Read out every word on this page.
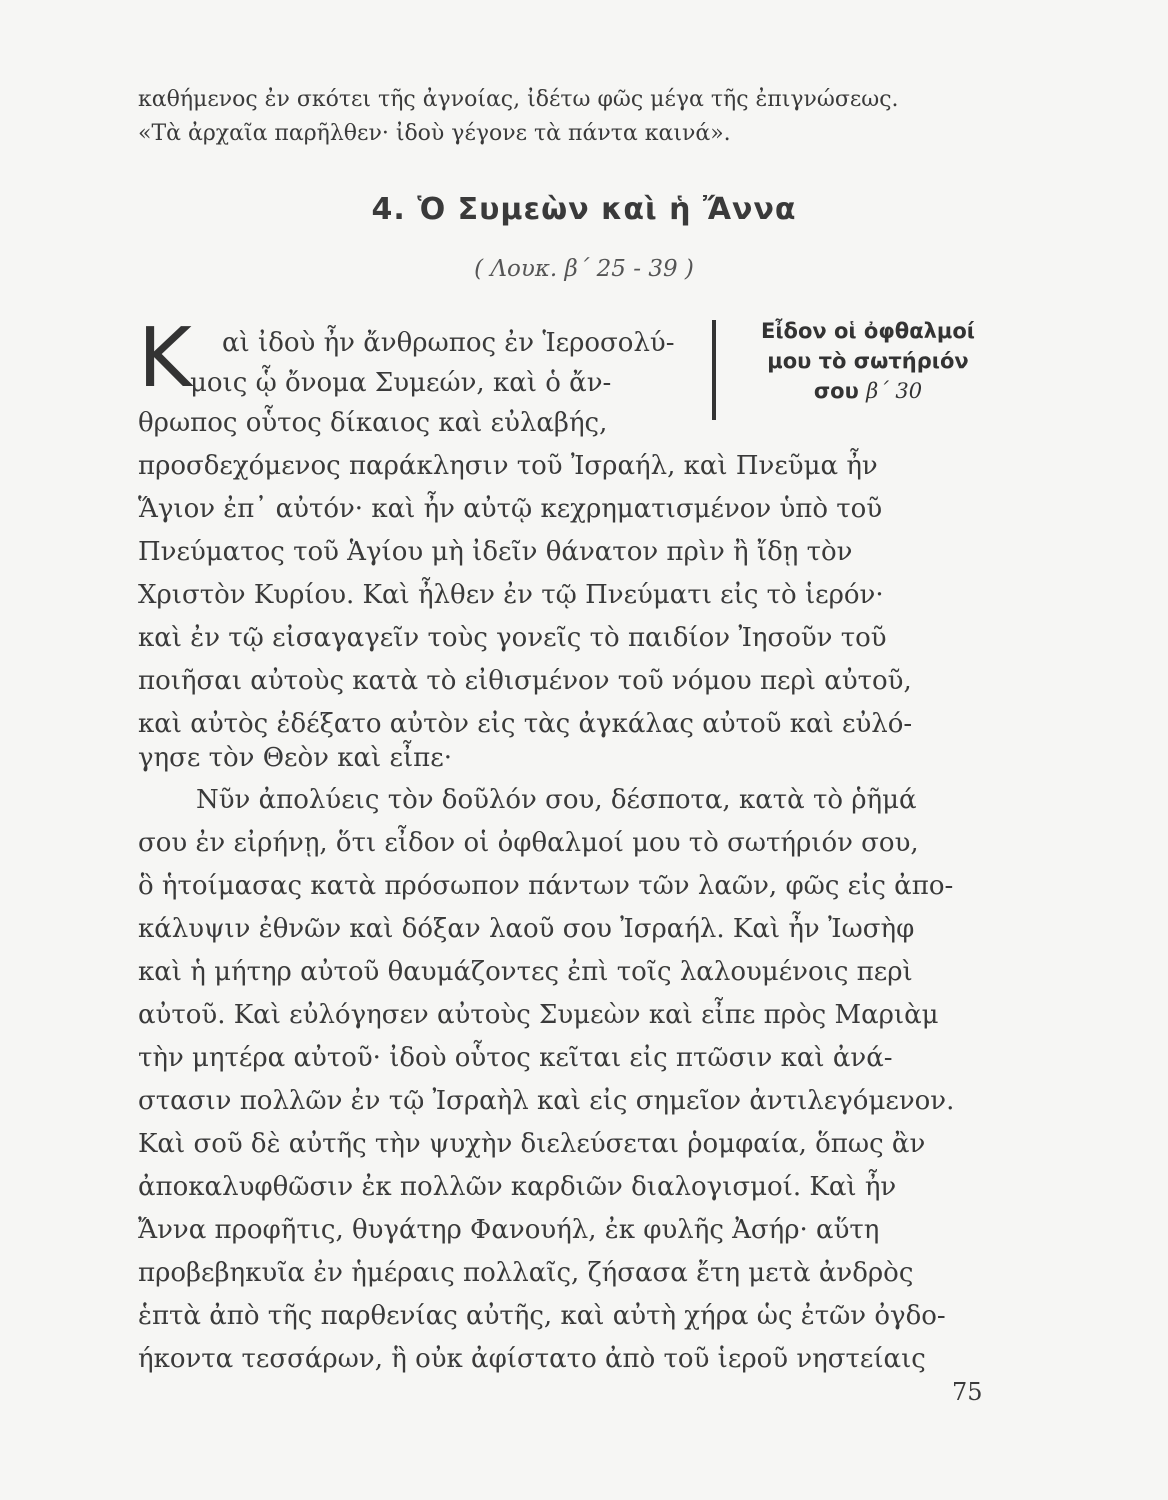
καθήμενος ἐν σκότει τῆς ἀγνοίας, ἰδέτω φῶς μέγα τῆς ἐπιγνώσεως.
«Τὰ ἀρχαῖα παρῆλθεν· ἰδοὺ γέγονε τὰ πάντα καινά».
4. Ὁ Συμεὼν καὶ ἡ Ἄννα
( Λουκ. β΄ 25 - 39 )
Κ	Εἶδον οἱ ὀφθαλμοί
μου τὸ σωτήριόν
σου β΄ 30
αὶ ἰδοὺ ἦν ἄνθρωπος ἐν Ἱεροσολύ-
μοις ᾧ ὄνομα Συμεών, καὶ ὁ ἄν-
θρωπος οὗτος δίκαιος καὶ εὐλαβής,
προσδεχόμενος παράκλησιν τοῦ Ἰσραήλ, καὶ Πνεῦμα ἦν
Ἅγιον ἐπ᾽ αὐτόν· καὶ ἦν αὐτῷ κεχρηματισμένον ὑπὸ τοῦ
Πνεύματος τοῦ Ἁγίου μὴ ἰδεῖν θάνατον πρὶν ἢ ἴδῃ τὸν
Χριστὸν Κυρίου. Καὶ ἦλθεν ἐν τῷ Πνεύματι εἰς τὸ ἱερόν·
καὶ ἐν τῷ εἰσαγαγεῖν τοὺς γονεῖς τὸ παιδίον Ἰησοῦν τοῦ
ποιῆσαι αὐτοὺς κατὰ τὸ εἰθισμένον τοῦ νόμου περὶ αὐτοῦ,
καὶ αὐτὸς ἐδέξατο αὐτὸν εἰς τὰς ἀγκάλας αὐτοῦ καὶ εὐλό-
γησε τὸν Θεὸν καὶ εἶπε·
Νῦν ἀπολύεις τὸν δοῦλόν σου, δέσποτα, κατὰ τὸ ῥῆμά
σου ἐν εἰρήνῃ, ὅτι εἶδον οἱ ὀφθαλμοί μου τὸ σωτήριόν σου,
ὃ ἡτοίμασας κατὰ πρόσωπον πάντων τῶν λαῶν, φῶς εἰς ἀπο-
κάλυψιν ἐθνῶν καὶ δόξαν λαοῦ σου Ἰσραήλ. Καὶ ἦν Ἰωσὴφ
καὶ ἡ μήτηρ αὐτοῦ θαυμάζοντες ἐπὶ τοῖς λαλουμένοις περὶ
αὐτοῦ. Καὶ εὐλόγησεν αὐτοὺς Συμεὼν καὶ εἶπε πρὸς Μαριὰμ
τὴν μητέρα αὐτοῦ· ἰδοὺ οὗτος κεῖται εἰς πτῶσιν καὶ ἀνά-
στασιν πολλῶν ἐν τῷ Ἰσραὴλ καὶ εἰς σημεῖον ἀντιλεγόμενον.
Καὶ σοῦ δὲ αὐτῆς τὴν ψυχὴν διελεύσεται ῥομφαία, ὅπως ἂν
ἀποκαλυφθῶσιν ἐκ πολλῶν καρδιῶν διαλογισμοί. Καὶ ἦν
Ἄννα προφῆτις, θυγάτηρ Φανουήλ, ἐκ φυλῆς Ἀσήρ· αὕτη
προβεβηκυῖα ἐν ἡμέραις πολλαῖς, ζήσασα ἔτη μετὰ ἀνδρὸς
ἑπτὰ ἀπὸ τῆς παρθενίας αὐτῆς, καὶ αὐτὴ χήρα ὡς ἐτῶν ὀγδο-
ήκοντα τεσσάρων, ἣ οὐκ ἀφίστατο ἀπὸ τοῦ ἱεροῦ νηστείαις
75
